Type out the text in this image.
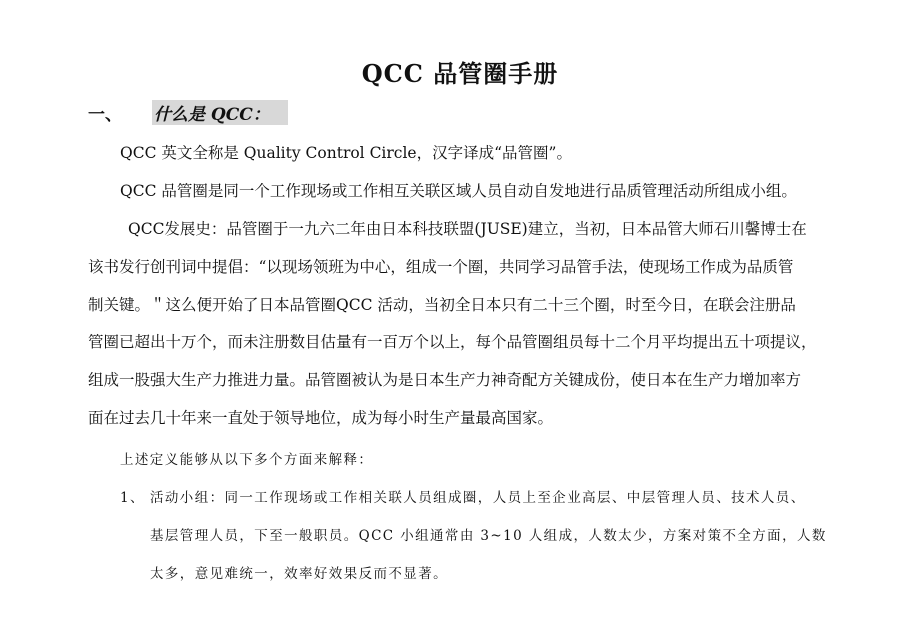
QCC 品管圈手册
一、 什么是 QCC：
QCC 英文全称是 Quality Control Circle，汉字译成“品管圈”。
QCC 品管圈是同一个工作现场或工作相互关联区域人员自动自发地进行品质管理活动所组成小组。
QCC发展史：品管圈于一九六二年由日本科技联盟(JUSE)建立，当初，日本品管大师石川馨博士在
该书发行创刊词中提倡：“以现场领班为中心，组成一个圈，共同学习品管手法，使现场工作成为品质管
制关键。＂这么便开始了日本品管圈QCC 活动，当初全日本只有二十三个圈，时至今日，在联会注册品
管圈已超出十万个，而未注册数目估量有一百万个以上，每个品管圈组员每十二个月平均提出五十项提议，
组成一股强大生产力推进力量。品管圈被认为是日本生产力神奇配方关键成份，使日本在生产力增加率方
面在过去几十年来一直处于领导地位，成为每小时生产量最高国家。
上述定义能够从以下多个方面来解释：
1、 活动小组：同一工作现场或工作相关联人员组成圈，人员上至企业高层、中层管理人员、技术人员、
基层管理人员，下至一般职员。QCC 小组通常由 3~10 人组成，人数太少，方案对策不全方面，人数
太多，意见难统一，效率好效果反而不显著。
